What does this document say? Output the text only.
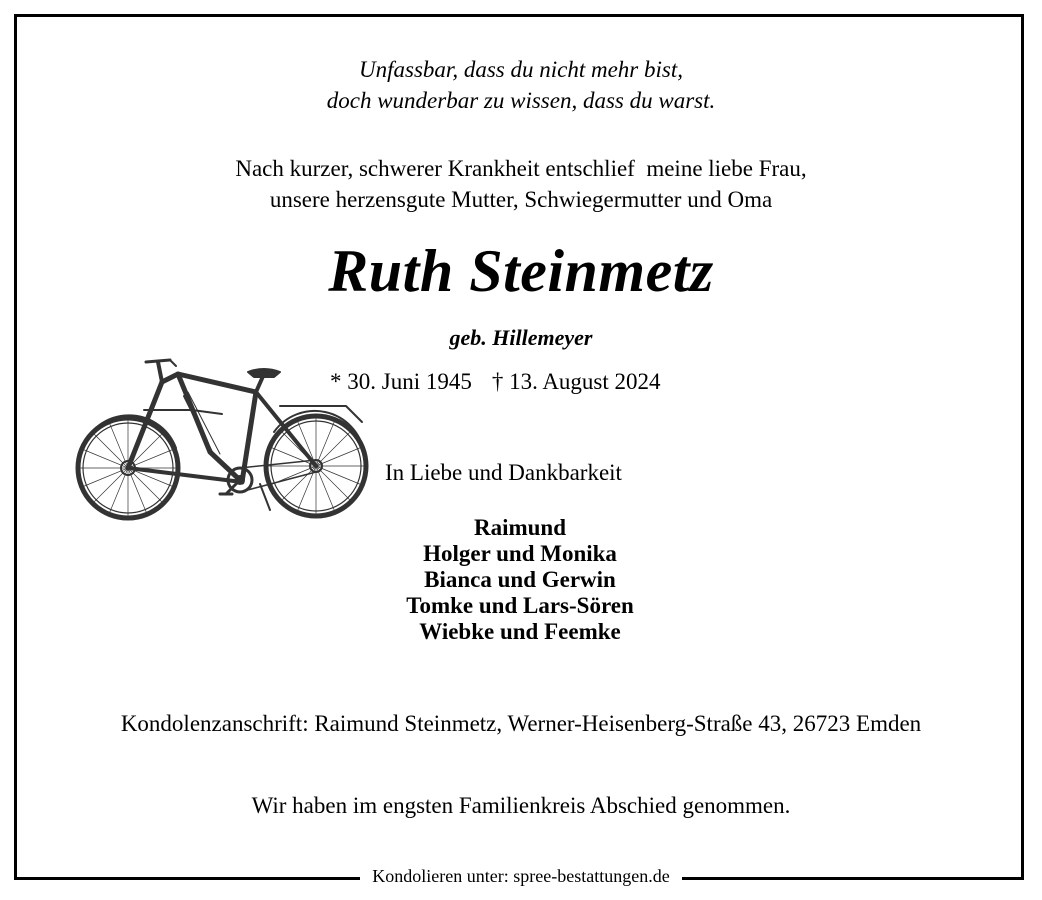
Unfassbar, dass du nicht mehr bist,
doch wunderbar zu wissen, dass du warst.
Nach kurzer, schwerer Krankheit entschlief  meine liebe Frau,
unsere herzensgute Mutter, Schwiegermutter und Oma
Ruth Steinmetz
geb. Hillemeyer
* 30. Juni 1945 † 13. August 2024
In Liebe und Dankbarkeit
Raimund
Holger und Monika
Bianca und Gerwin
Tomke und Lars-Sören
Wiebke und Feemke
Kondolenzanschrift: Raimund Steinmetz, Werner-Heisenberg-Straße 43, 26723 Emden
Wir haben im engsten Familienkreis Abschied genommen.
Kondolieren unter: spree-bestattungen.de
